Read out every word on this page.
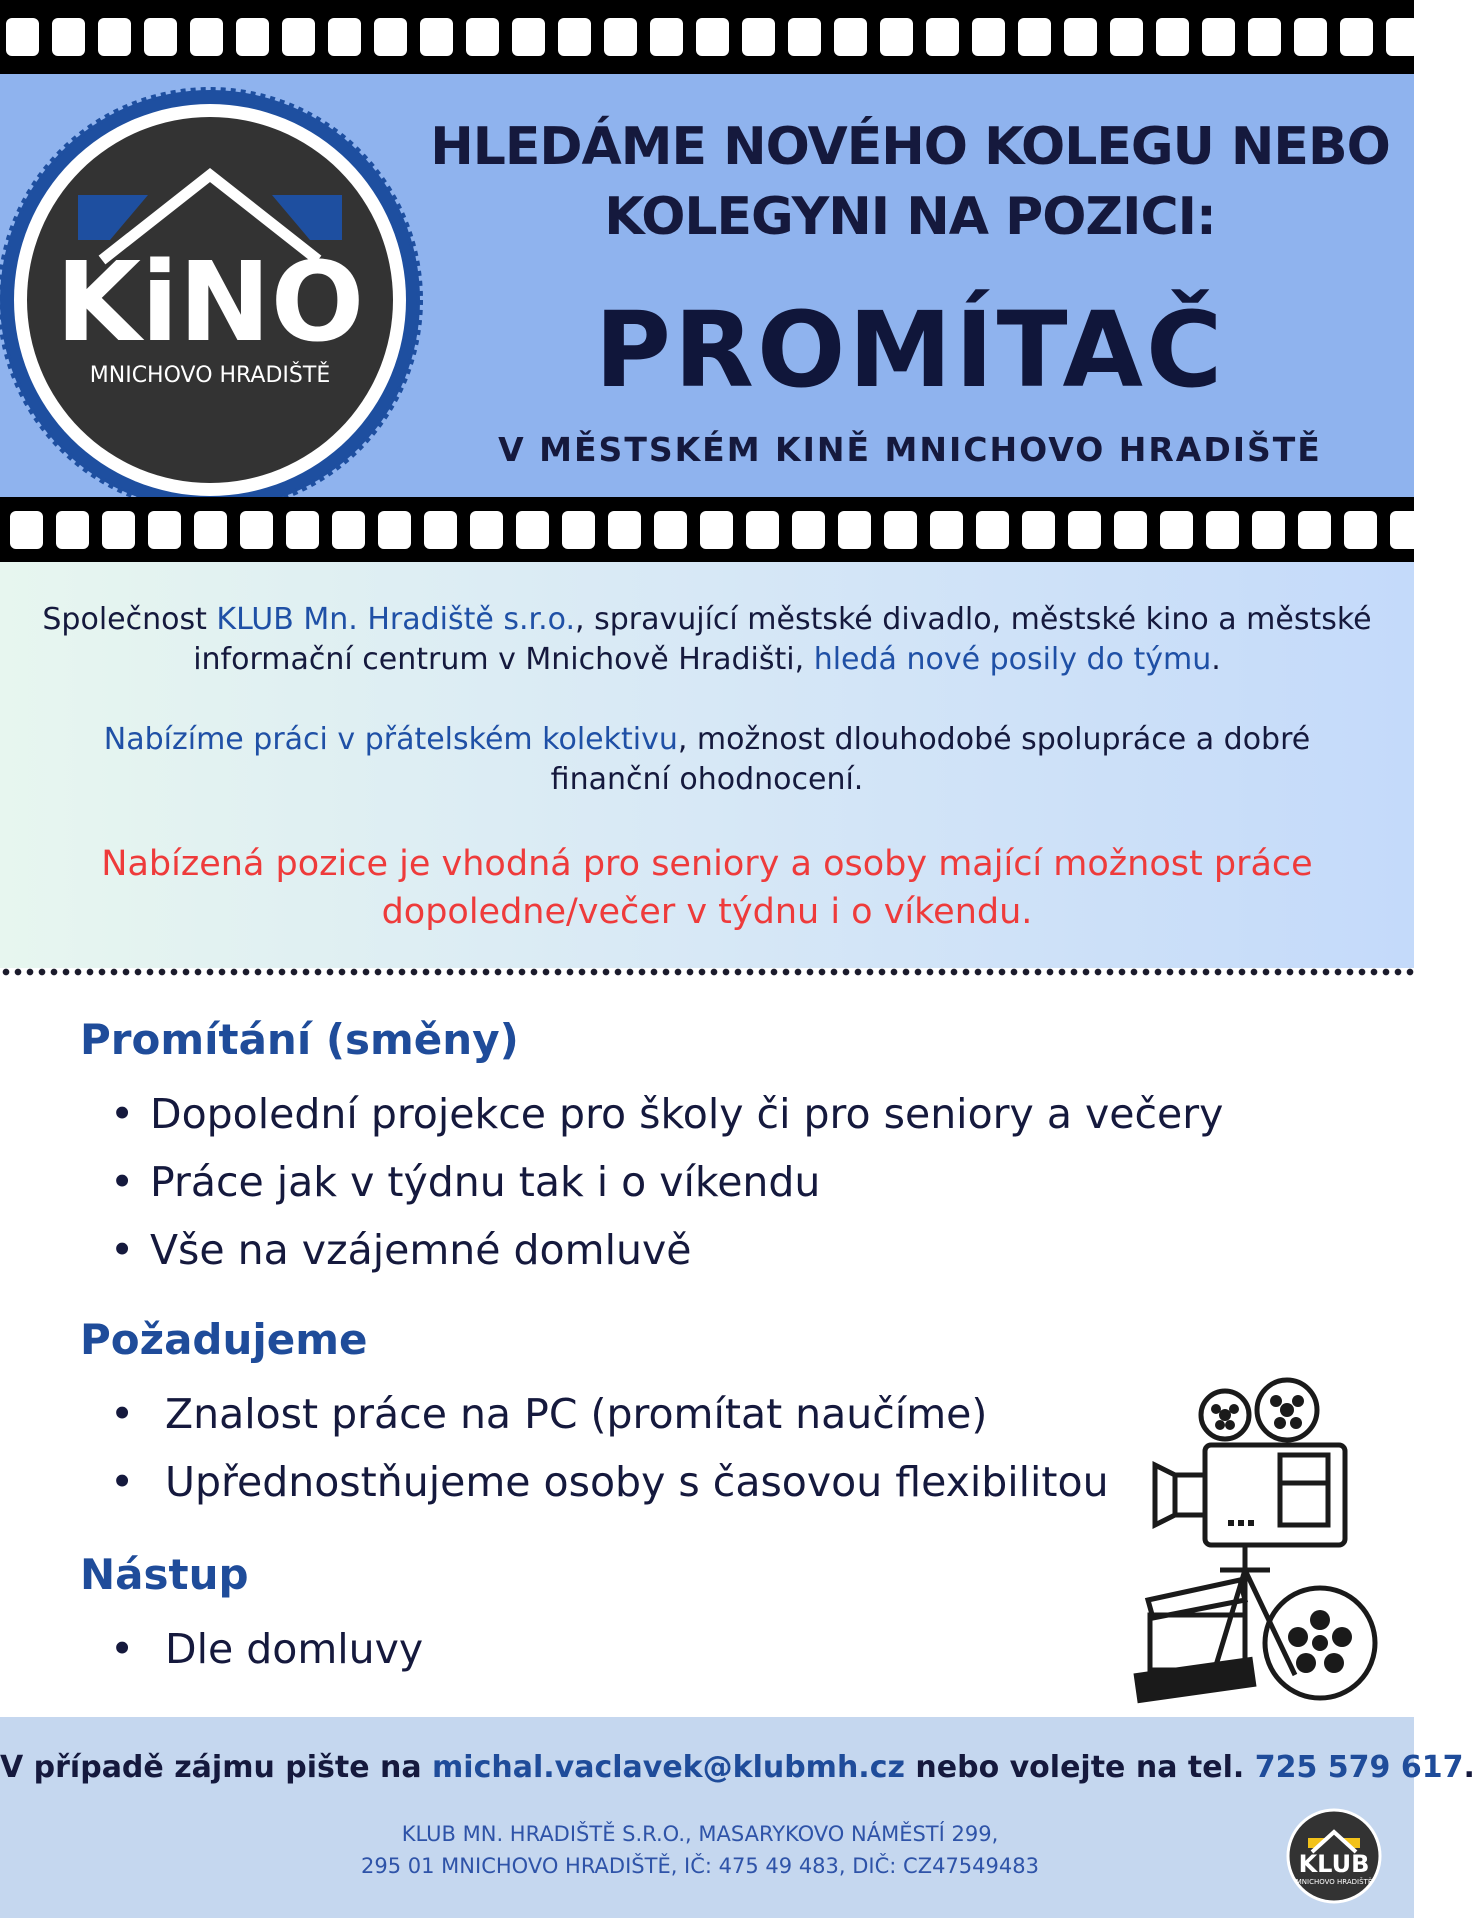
KiNO
MNICHOVO HRADIŠTĚ
HLEDÁME NOVÉHO KOLEGU NEBO KOLEGYNI NA POZICI:
PROMÍTAČ
V MĚSTSKÉM KINĚ MNICHOVO HRADIŠTĚ
Společnost KLUB Mn. Hradiště s.r.o., spravující městské divadlo, městské kino a městské informační centrum v Mnichově Hradišti, hledá nové posily do týmu.
Nabízíme práci v přátelském kolektivu, možnost dlouhodobé spolupráce a dobré finanční ohodnocení.
Nabízená pozice je vhodná pro seniory a osoby mající možnost práce dopoledne/večer v týdnu i o víkendu.
Promítání (směny)
• Dopolední projekce pro školy či pro seniory a večery
• Práce jak v týdnu tak i o víkendu
• Vše na vzájemné domluvě
Požadujeme
• Znalost práce na PC (promítat naučíme)
• Upřednostňujeme osoby s časovou flexibilitou
Nástup
• Dle domluvy
V případě zájmu pište na michal.vaclavek@klubmh.cz nebo volejte na tel. 725 579 617.
KLUB MN. HRADIŠTĚ S.R.O., MASARYKOVO NÁMĚSTÍ 299,
295 01 MNICHOVO HRADIŠTĚ, IČ: 475 49 483, DIČ: CZ47549483	KLUB
MNICHOVO HRADIŠTĚ
